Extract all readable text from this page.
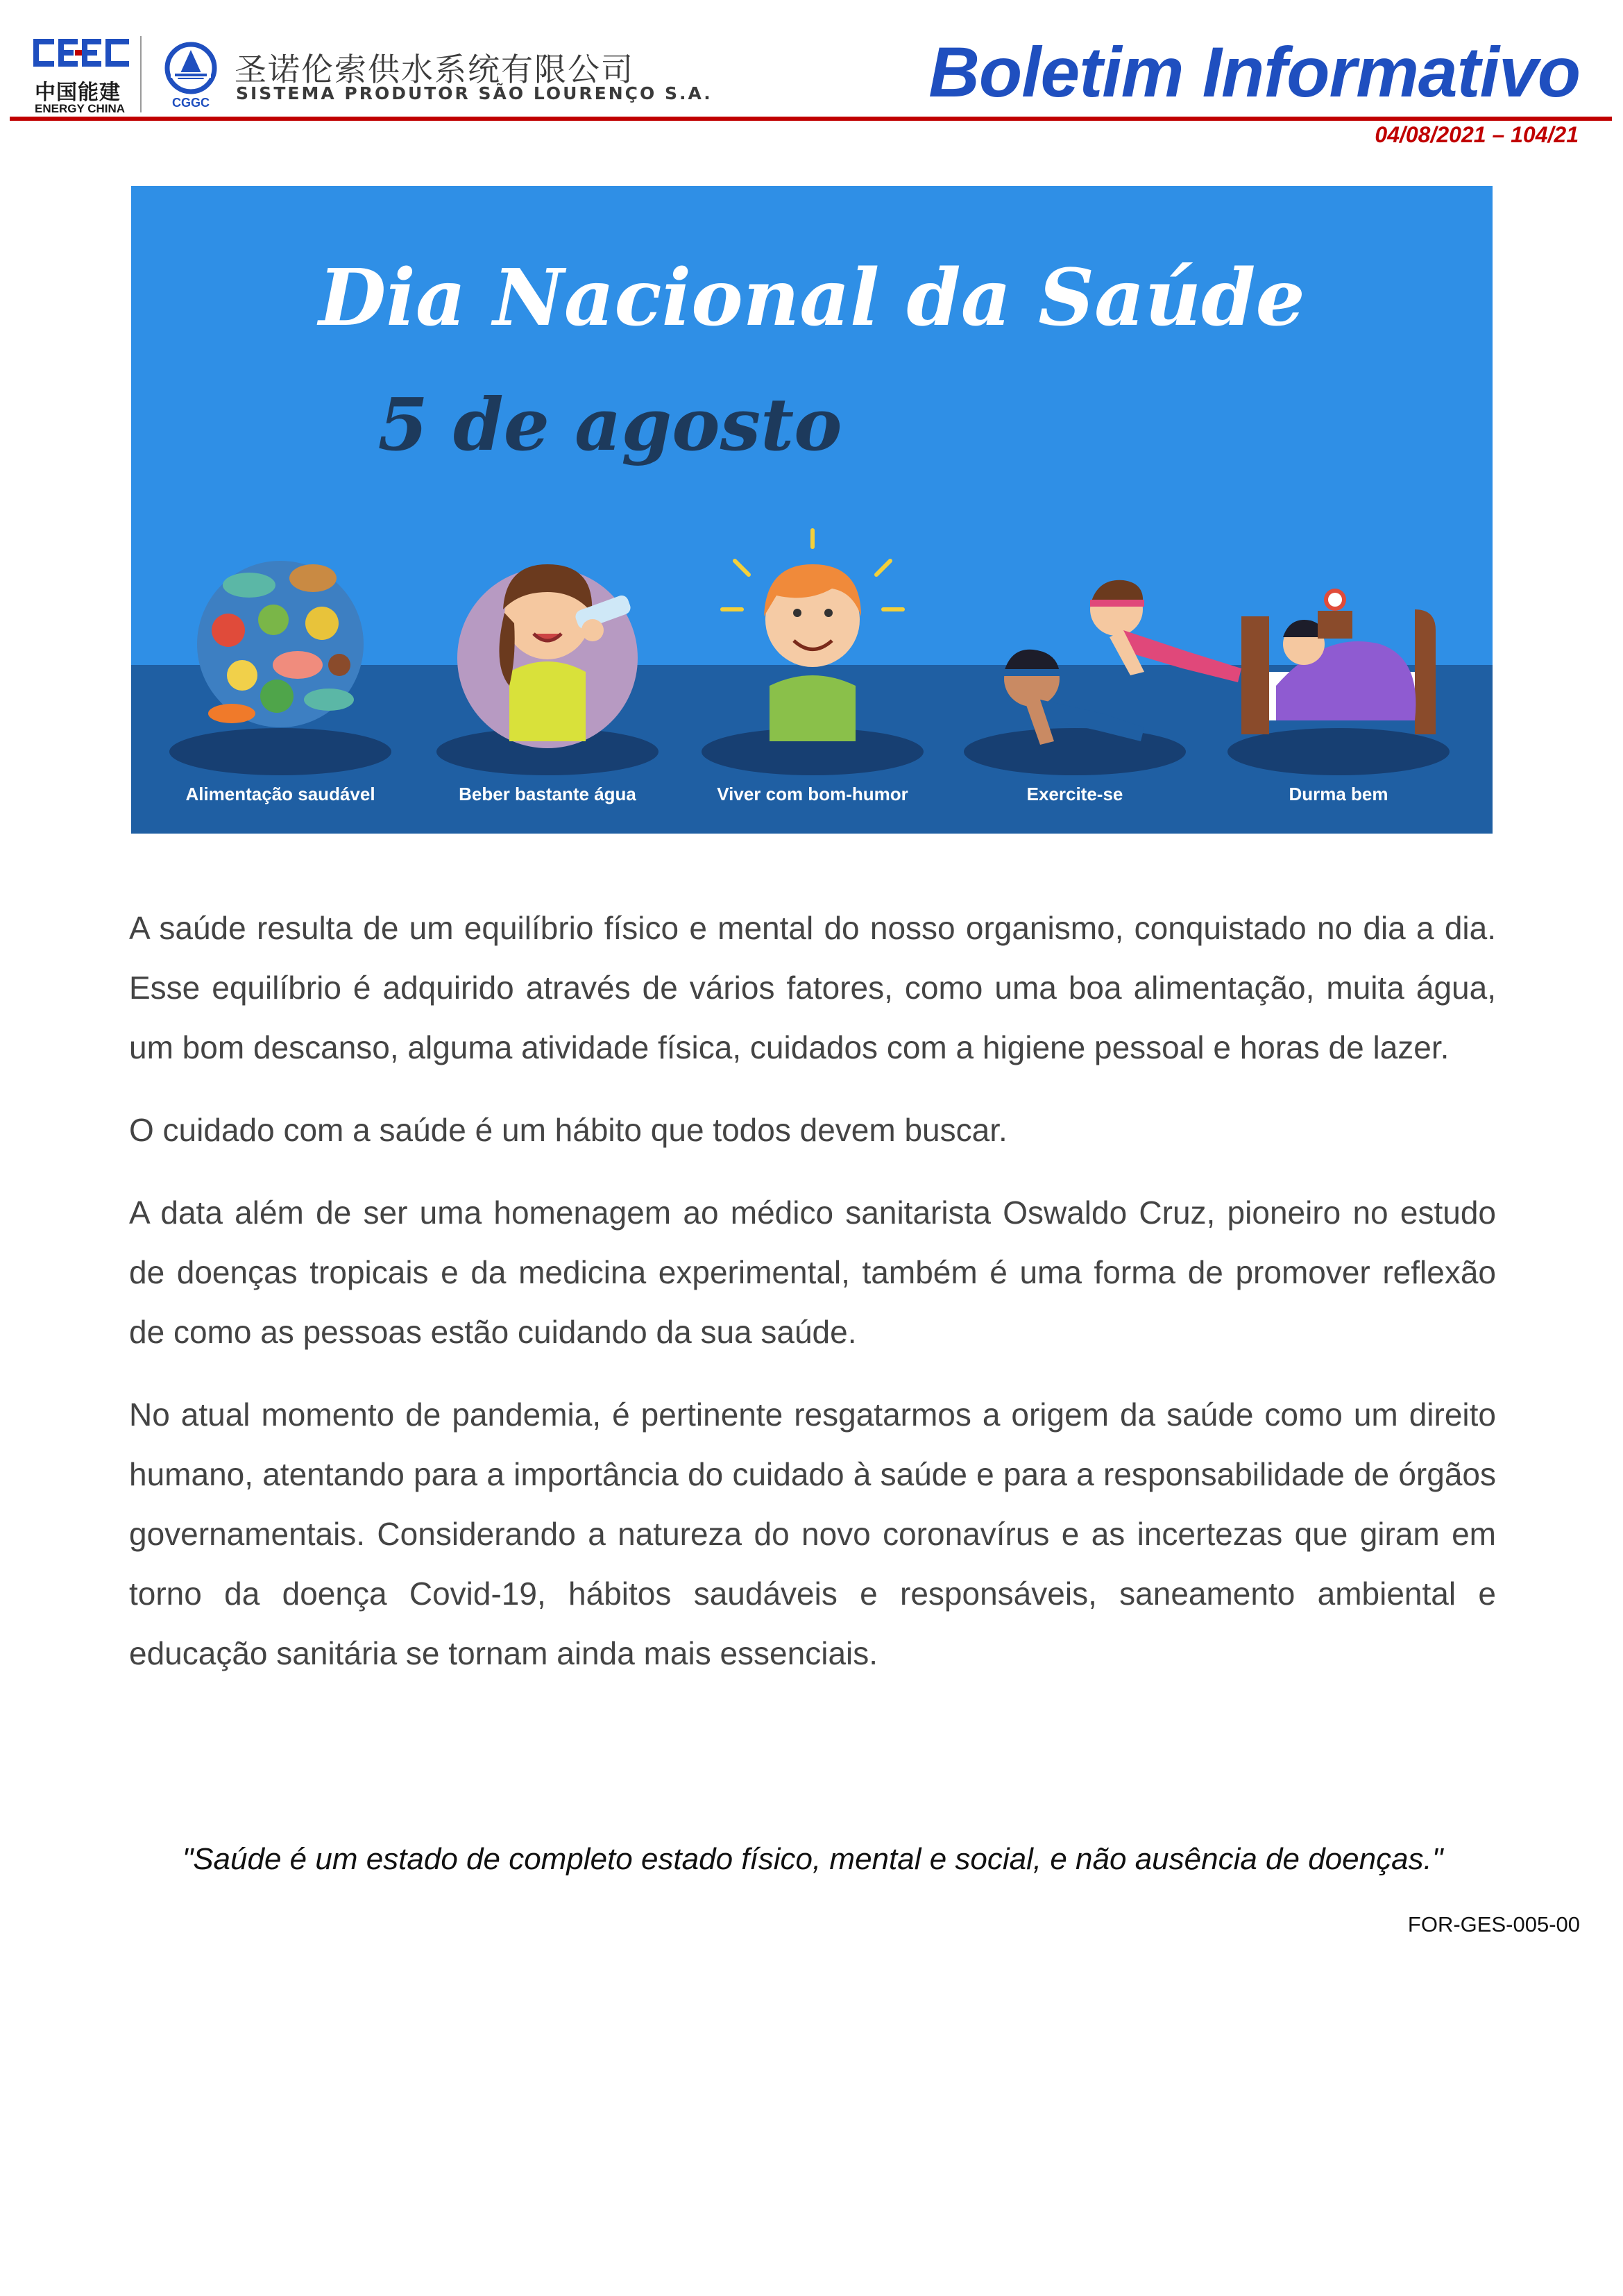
中国能建
ENERGY CHINA	CGGC
圣诺伦索供水系统有限公司
SISTEMA PRODUTOR SÃO LOURENÇO S.A.	Boletim Informativo
04/08/2021 – 104/21
Dia Nacional da Saúde
5 de agosto
Alimentação saudável	Beber bastante água	Viver com bom-humor	Exercite-se	Durma bem

A saúde resulta de um equilíbrio físico e mental do nosso organismo, conquistado no dia a dia. Esse equilíbrio é adquirido através de vários fatores, como uma boa alimentação, muita água, um bom descanso, alguma atividade física, cuidados com a higiene pessoal e horas de lazer.

O cuidado com a saúde é um hábito que todos devem buscar.

A data além de ser uma homenagem ao médico sanitarista Oswaldo Cruz, pioneiro no estudo de doenças tropicais e da medicina experimental, também é uma forma de promover reflexão de como as pessoas estão cuidando da sua saúde.

No atual momento de pandemia, é pertinente resgatarmos a origem da saúde como um direito humano, atentando para a importância do cuidado à saúde e para a responsabilidade de órgãos governamentais. Considerando a natureza do novo coronavírus e as incertezas que giram em torno da doença Covid-19, hábitos saudáveis e responsáveis, saneamento ambiental e educação sanitária se tornam ainda mais essenciais.

"Saúde é um estado de completo estado físico, mental e social, e não ausência de doenças."
FOR-GES-005-00
